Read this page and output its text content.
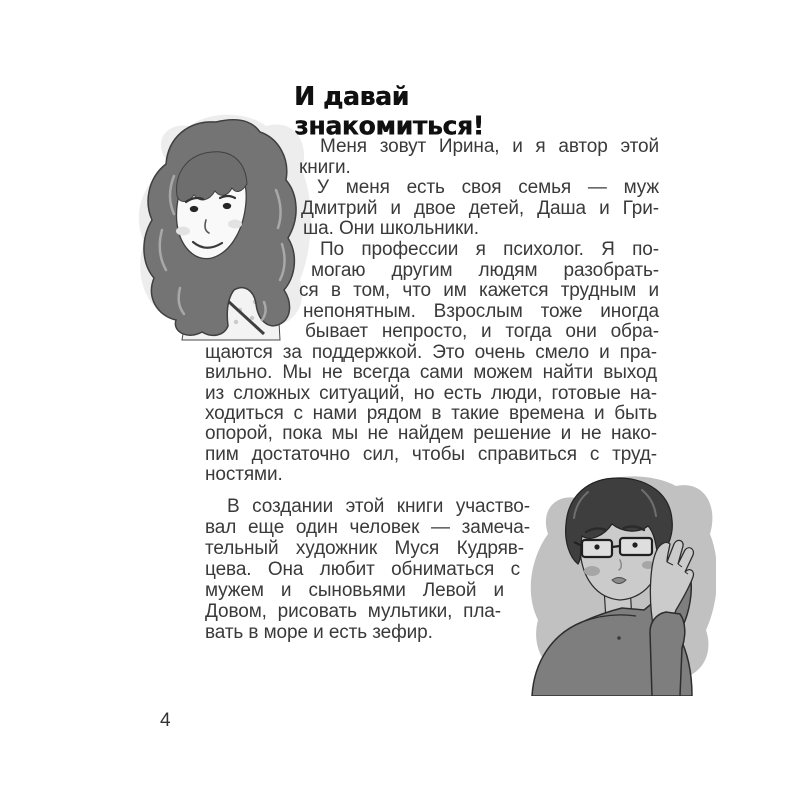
И давай знакомиться!
Меня зовут Ирина, и я автор этой
книги.
У меня есть своя семья — муж
Дмитрий и двое детей, Даша и Гри-
ша. Они школьники.
По профессии я психолог. Я по-
могаю другим людям разобрать-
ся в том, что им кажется трудным и
непонятным. Взрослым тоже иногда
бывает непросто, и тогда они обра-
щаются за поддержкой. Это очень смело и пра-
вильно. Мы не всегда сами можем найти выход
из сложных ситуаций, но есть люди, готовые на-
ходиться с нами рядом в такие времена и быть
опорой, пока мы не найдем решение и не нако-
пим достаточно сил, чтобы справиться с труд-
ностями.
В создании этой книги участво-
вал еще один человек — замеча-
тельный художник Муся Кудряв-
цева. Она любит обниматься с
мужем и сыновьями Левой и
Довом, рисовать мультики, пла-
вать в море и есть зефир.
4
